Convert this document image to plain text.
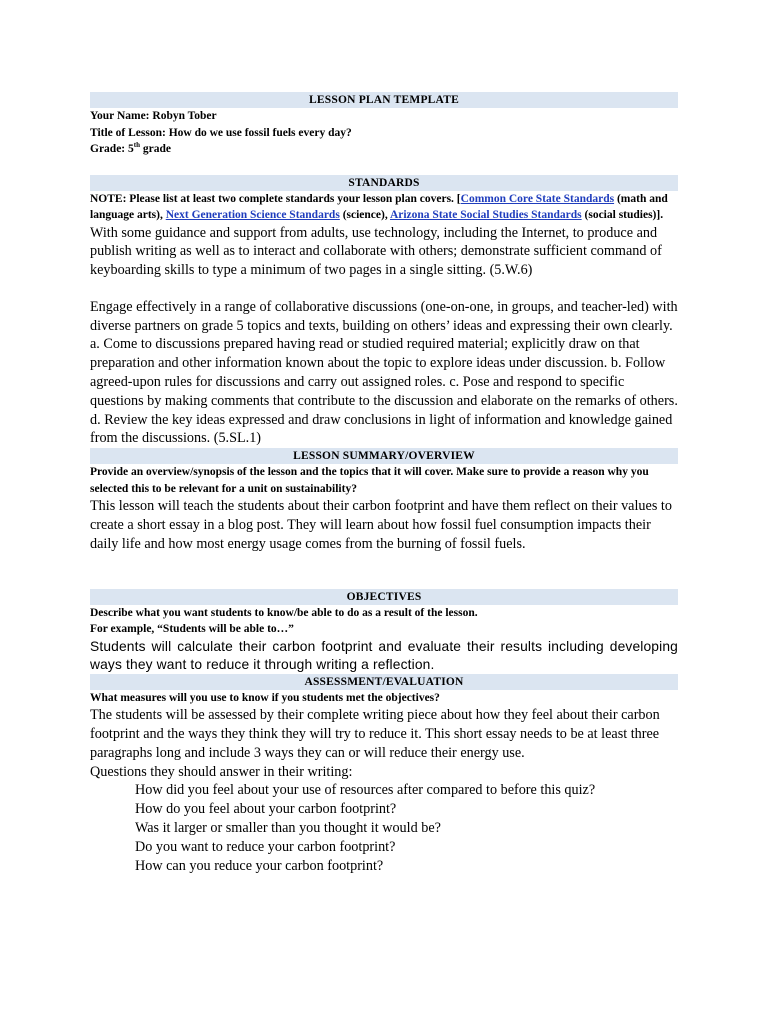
LESSON PLAN TEMPLATE
Your Name: Robyn Tober
Title of Lesson: How do we use fossil fuels every day?
Grade: 5th grade
STANDARDS
NOTE: Please list at least two complete standards your lesson plan covers. [Common Core State Standards (math and language arts), Next Generation Science Standards (science), Arizona State Social Studies Standards (social studies)].
With some guidance and support from adults, use technology, including the Internet, to produce and publish writing as well as to interact and collaborate with others; demonstrate sufficient command of keyboarding skills to type a minimum of two pages in a single sitting. (5.W.6)
Engage effectively in a range of collaborative discussions (one-on-one, in groups, and teacher-led) with diverse partners on grade 5 topics and texts, building on others’ ideas and expressing their own clearly. a. Come to discussions prepared having read or studied required material; explicitly draw on that preparation and other information known about the topic to explore ideas under discussion. b. Follow agreed-upon rules for discussions and carry out assigned roles. c. Pose and respond to specific questions by making comments that contribute to the discussion and elaborate on the remarks of others. d. Review the key ideas expressed and draw conclusions in light of information and knowledge gained from the discussions. (5.SL.1)
LESSON SUMMARY/OVERVIEW
Provide an overview/synopsis of the lesson and the topics that it will cover. Make sure to provide a reason why you selected this to be relevant for a unit on sustainability?
This lesson will teach the students about their carbon footprint and have them reflect on their values to create a short essay in a blog post. They will learn about how fossil fuel consumption impacts their daily life and how most energy usage comes from the burning of fossil fuels.
OBJECTIVES
Describe what you want students to know/be able to do as a result of the lesson.
For example, “Students will be able to…”
Students will calculate their carbon footprint and evaluate their results including developing ways they want to reduce it through writing a reflection.
ASSESSMENT/EVALUATION
What measures will you use to know if you students met the objectives?
The students will be assessed by their complete writing piece about how they feel about their carbon footprint and the ways they think they will try to reduce it. This short essay needs to be at least three paragraphs long and include 3 ways they can or will reduce their energy use.
Questions they should answer in their writing:
How did you feel about your use of resources after compared to before this quiz?
How do you feel about your carbon footprint?
Was it larger or smaller than you thought it would be?
Do you want to reduce your carbon footprint?
How can you reduce your carbon footprint?
